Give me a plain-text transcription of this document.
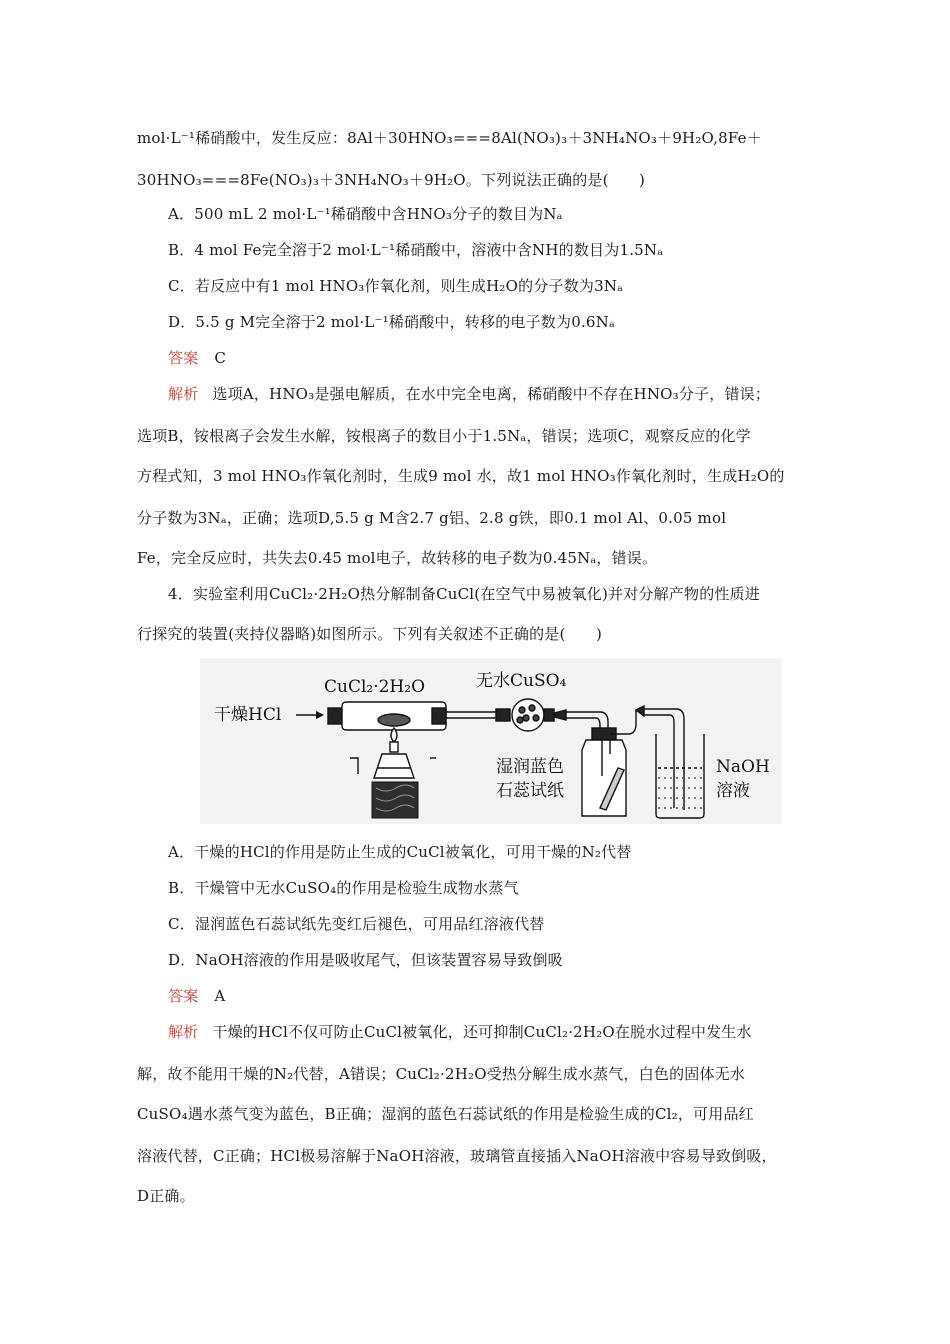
mol·L⁻¹稀硝酸中，发生反应：8Al＋30HNO₃===8Al(NO₃)₃＋3NH₄NO₃＋9H₂O,8Fe＋
30HNO₃===8Fe(NO₃)₃＋3NH₄NO₃＋9H₂O。下列说法正确的是(　　)
A．500 mL 2 mol·L⁻¹稀硝酸中含HNO₃分子的数目为Nₐ
B．4 mol Fe完全溶于2 mol·L⁻¹稀硝酸中，溶液中含NH的数目为1.5Nₐ
C．若反应中有1 mol HNO₃作氧化剂，则生成H₂O的分子数为3Nₐ
D．5.5 g M完全溶于2 mol·L⁻¹稀硝酸中，转移的电子数为0.6Nₐ
答案 C
解析 选项A，HNO₃是强电解质，在水中完全电离，稀硝酸中不存在HNO₃分子，错误；
选项B，铵根离子会发生水解，铵根离子的数目小于1.5Nₐ，错误；选项C，观察反应的化学
方程式知，3 mol HNO₃作氧化剂时，生成9 mol 水，故1 mol HNO₃作氧化剂时，生成H₂O的
分子数为3Nₐ，正确；选项D,5.5 g M含2.7 g铝、2.8 g铁，即0.1 mol Al、0.05 mol
Fe，完全反应时，共失去0.45 mol电子，故转移的电子数为0.45Nₐ，错误。
4．实验室利用CuCl₂·2H₂O热分解制备CuCl(在空气中易被氧化)并对分解产物的性质进
行探究的装置(夹持仪器略)如图所示。下列有关叙述不正确的是(　　)
CuCl₂·2H₂O	无水CuSO₄
干燥HCl
湿润蓝色
石蕊试纸
NaOH
溶液
A．干燥的HCl的作用是防止生成的CuCl被氧化，可用干燥的N₂代替
B．干燥管中无水CuSO₄的作用是检验生成物水蒸气
C．湿润蓝色石蕊试纸先变红后褪色，可用品红溶液代替
D．NaOH溶液的作用是吸收尾气，但该装置容易导致倒吸
答案 A
解析 干燥的HCl不仅可防止CuCl被氧化，还可抑制CuCl₂·2H₂O在脱水过程中发生水
解，故不能用干燥的N₂代替，A错误；CuCl₂·2H₂O受热分解生成水蒸气，白色的固体无水
CuSO₄遇水蒸气变为蓝色，B正确；湿润的蓝色石蕊试纸的作用是检验生成的Cl₂，可用品红
溶液代替，C正确；HCl极易溶解于NaOH溶液，玻璃管直接插入NaOH溶液中容易导致倒吸，
D正确。
